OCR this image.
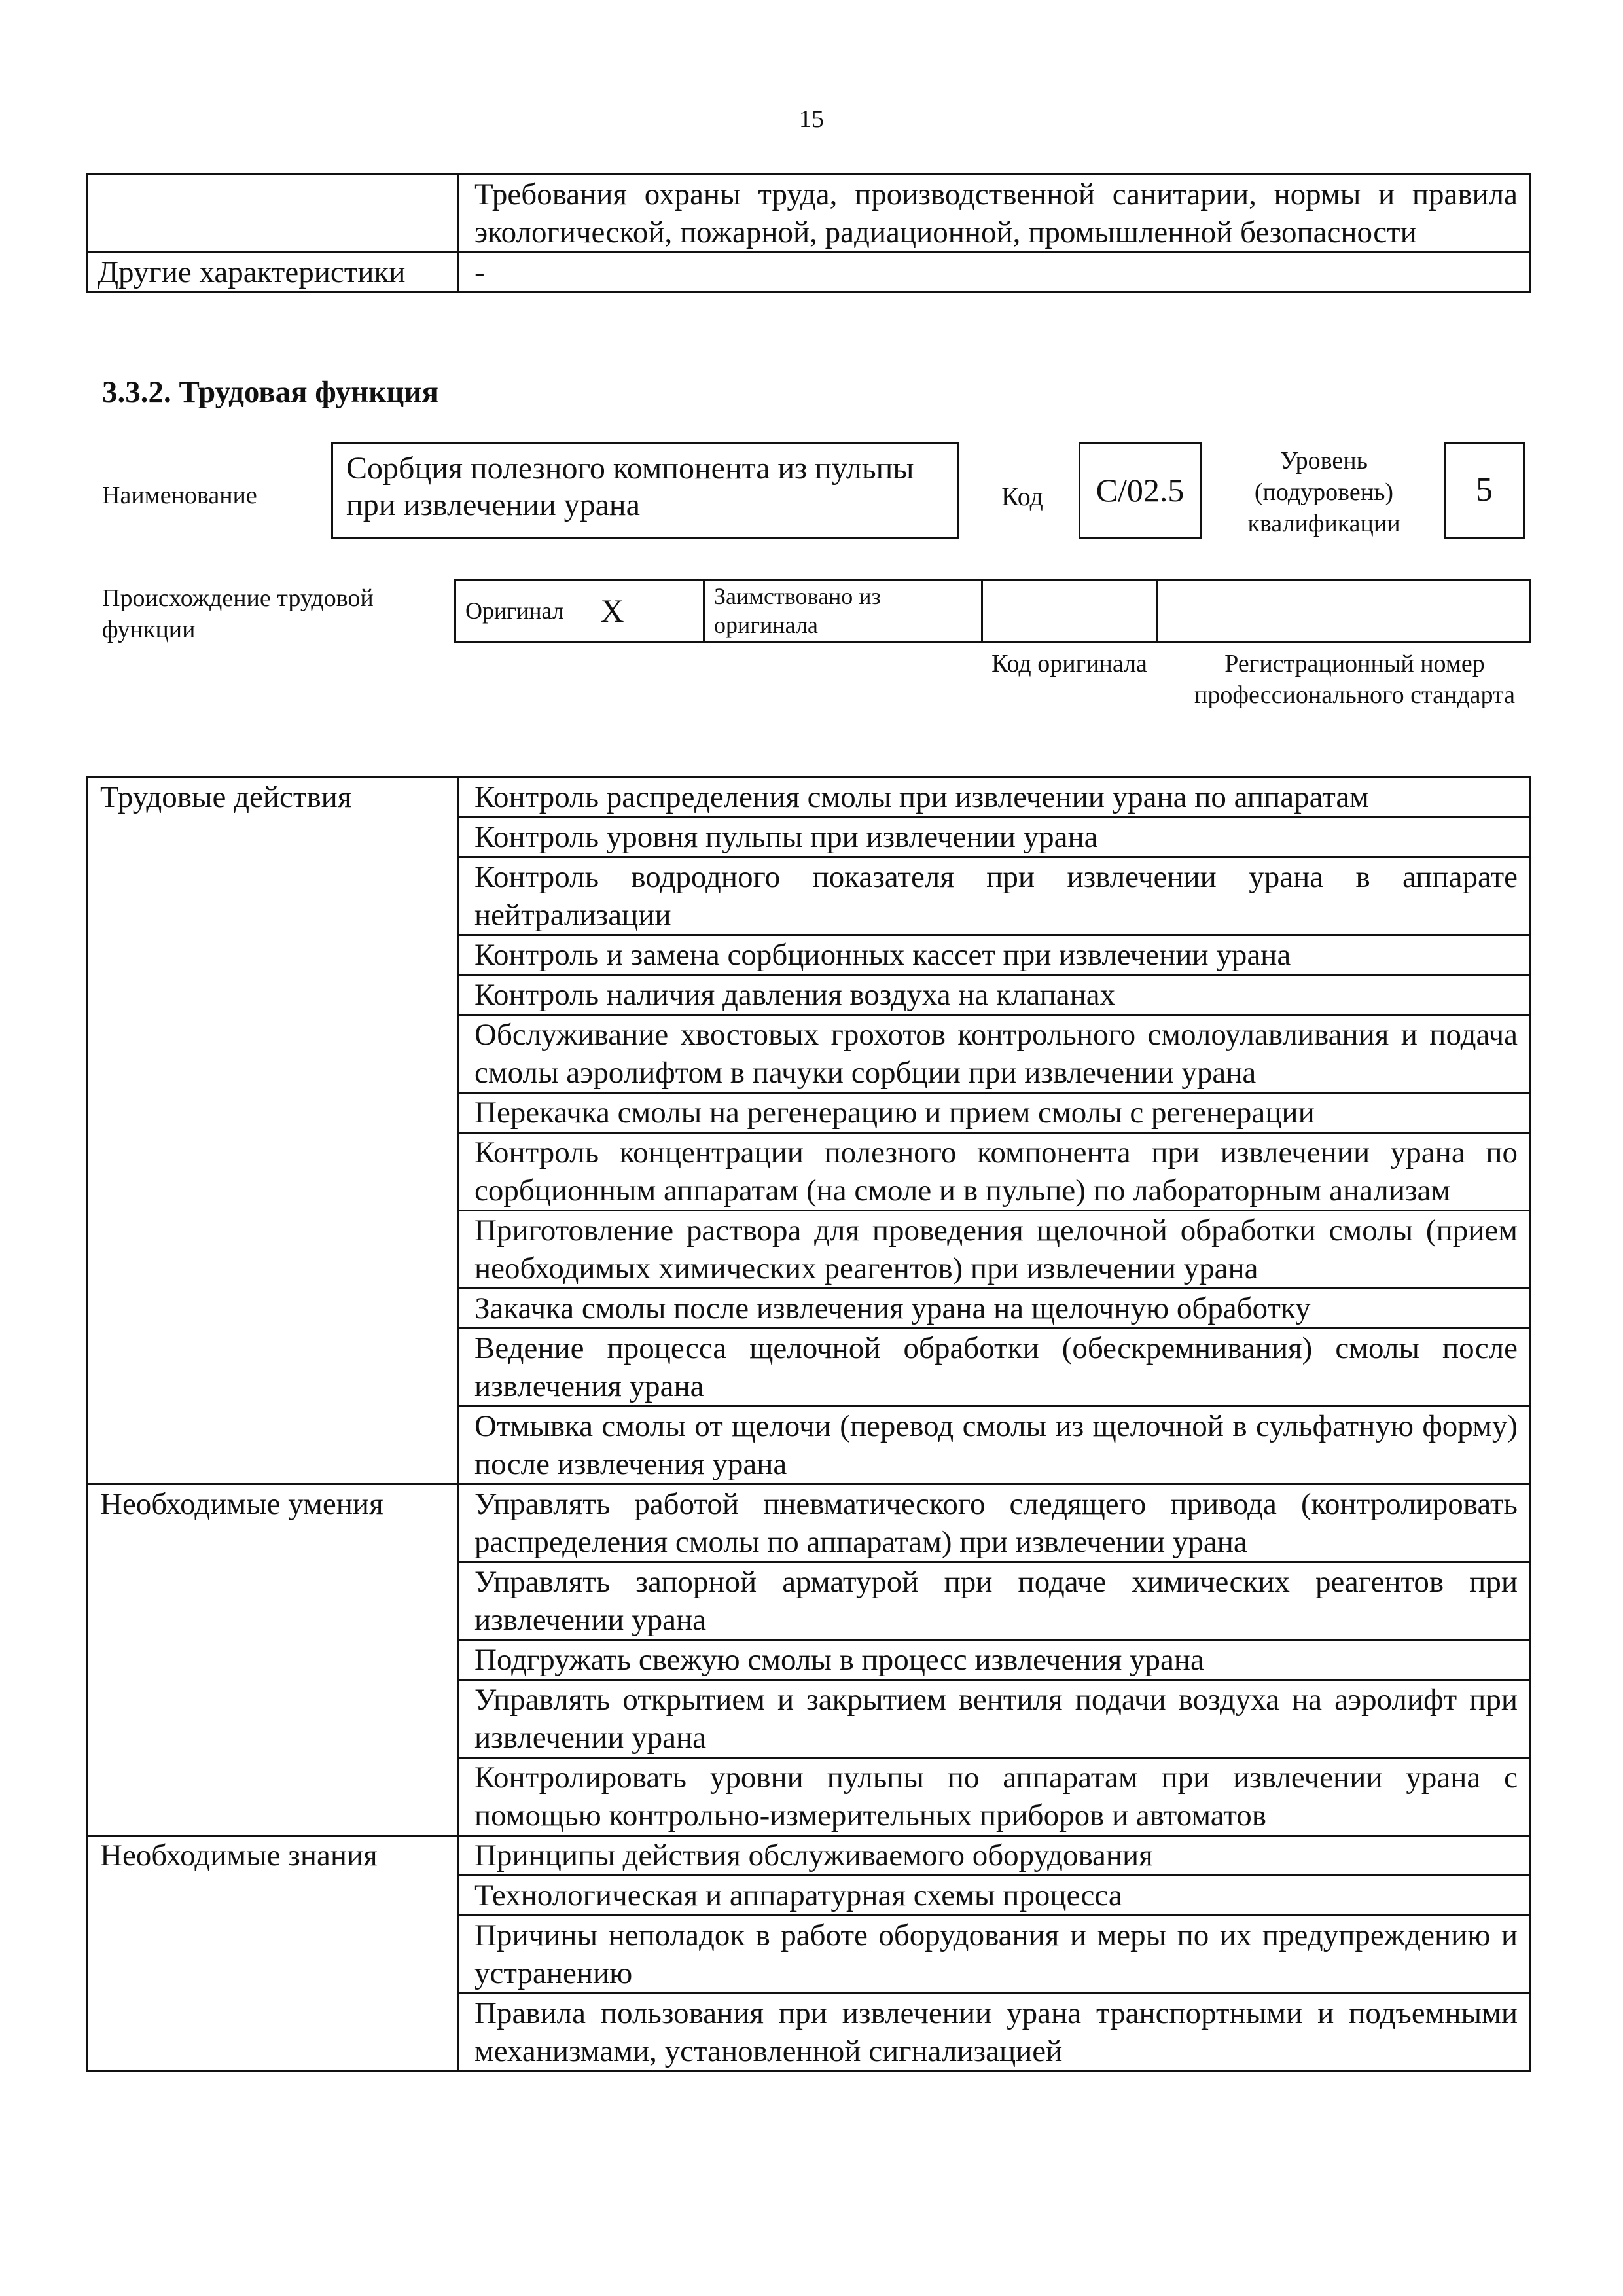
15
	Требования охраны труда, производственной санитарии, нормы и правила экологической, пожарной, радиационной, промышленной безопасности
Другие характеристики	-
3.3.2. Трудовая функция
Наименование
Сорбция полезного компонента из пульпы при извлечении урана	Код	C/02.5
Уровень
(подуровень)
квалификации
5
Происхождение трудовой функции
Оригинал	X	Заимствовано из оригинала		
Код оригинала	Регистрационный номер профессионального стандарта
Трудовые действия	Контроль распределения смолы при извлечении урана по аппаратам
	Контроль уровня пульпы при извлечении урана
	Контроль водродного показателя при извлечении урана в аппарате нейтрализации
	Контроль и замена сорбционных кассет при извлечении урана
	Контроль наличия давления воздуха на клапанах
	Обслуживание хвостовых грохотов контрольного смолоулавливания и подача смолы аэролифтом в пачуки сорбции при извлечении урана
	Перекачка смолы на регенерацию и прием смолы с регенерации
	Контроль концентрации полезного компонента при извлечении урана по сорбционным аппаратам (на смоле и в пульпе) по лабораторным анализам
	Приготовление раствора для проведения щелочной обработки смолы (прием необходимых химических реагентов) при извлечении урана
	Закачка смолы после извлечения урана на щелочную обработку
	Ведение процесса щелочной обработки (обескремнивания) смолы после извлечения урана
	Отмывка смолы от щелочи (перевод смолы из щелочной в сульфатную форму) после извлечения урана
Необходимые умения	Управлять работой пневматического следящего привода (контролировать распределения смолы по аппаратам) при извлечении урана
	Управлять запорной арматурой при подаче химических реагентов при извлечении урана
	Подгружать свежую смолы в процесс извлечения урана
	Управлять открытием и закрытием вентиля подачи воздуха на аэролифт при извлечении урана
	Контролировать уровни пульпы по аппаратам при извлечении урана с помощью контрольно-измерительных приборов и автоматов
Необходимые знания	Принципы действия обслуживаемого оборудования
	Технологическая и аппаратурная схемы процесса
	Причины неполадок в работе оборудования и меры по их предупреждению и устранению
	Правила пользования при извлечении урана транспортными и подъемными механизмами, установленной сигнализацией
